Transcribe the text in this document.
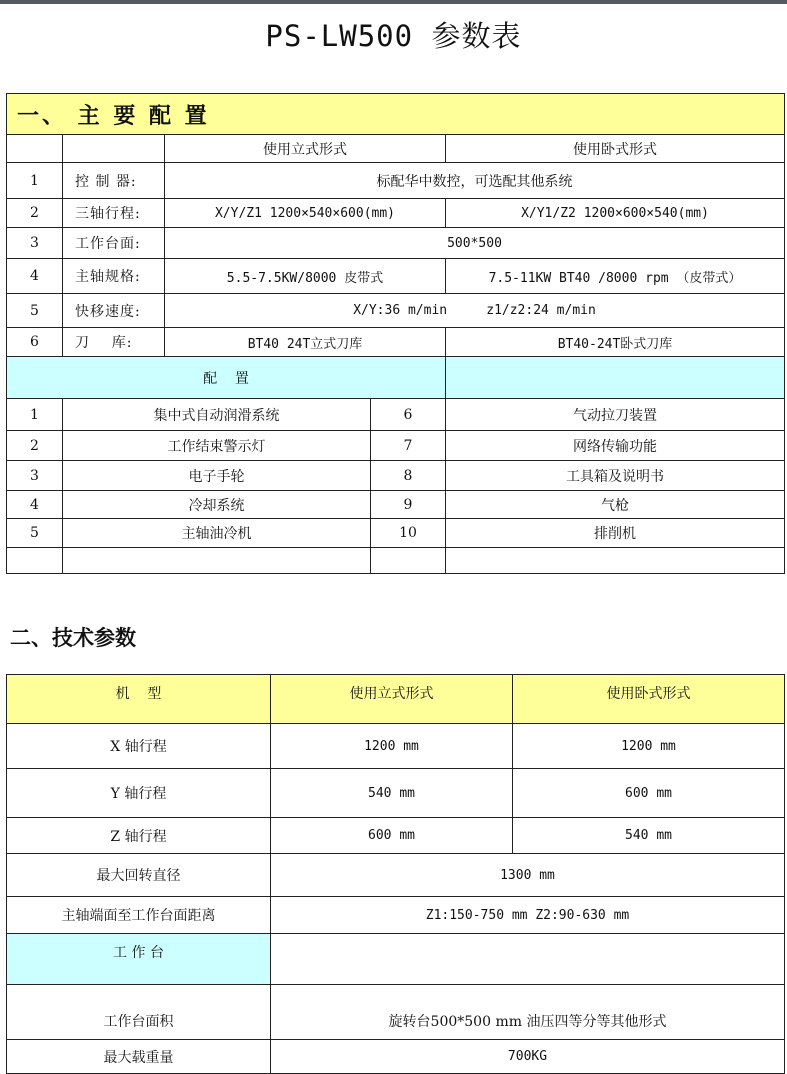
PS-LW500 参数表
一、 主 要 配 置				
		使用立式形式		使用卧式形式
1	控 制 器:	标配华中数控，可选配其他系统		
2	三轴行程:	X/Y/Z1 1200×540×600(mm)		X/Y1/Z2 1200×600×540(mm)
3	工作台面:	500*500		
4	主轴规格:	5.5-7.5KW/8000 皮带式		7.5-11KW BT40 /8000 rpm （皮带式）
5	快移速度:	X/Y:36 m/min     z1/z2:24 m/min		
6	刀    库:	BT40 24T立式刀库		BT40-24T卧式刀库
配    置				
1	集中式自动润滑系统		6	气动拉刀装置
2	工作结束警示灯		7	网络传输功能
3	电子手轮		8	工具箱及说明书
4	冷却系统		9	气枪
5	主轴油冷机		10	排削机

二、技术参数
机    型	使用立式形式	使用卧式形式
X 轴行程	1200 mm	1200 mm
Y 轴行程	540 mm	600 mm
Z 轴行程	600 mm	540 mm
最大回转直径	1300 mm	
主轴端面至工作台面距离	Z1:150-750 mm Z2:90-630 mm	
工 作 台		
工作台面积	旋转台500*500 mm 油压四等分等其他形式	
最大载重量	700KG	
